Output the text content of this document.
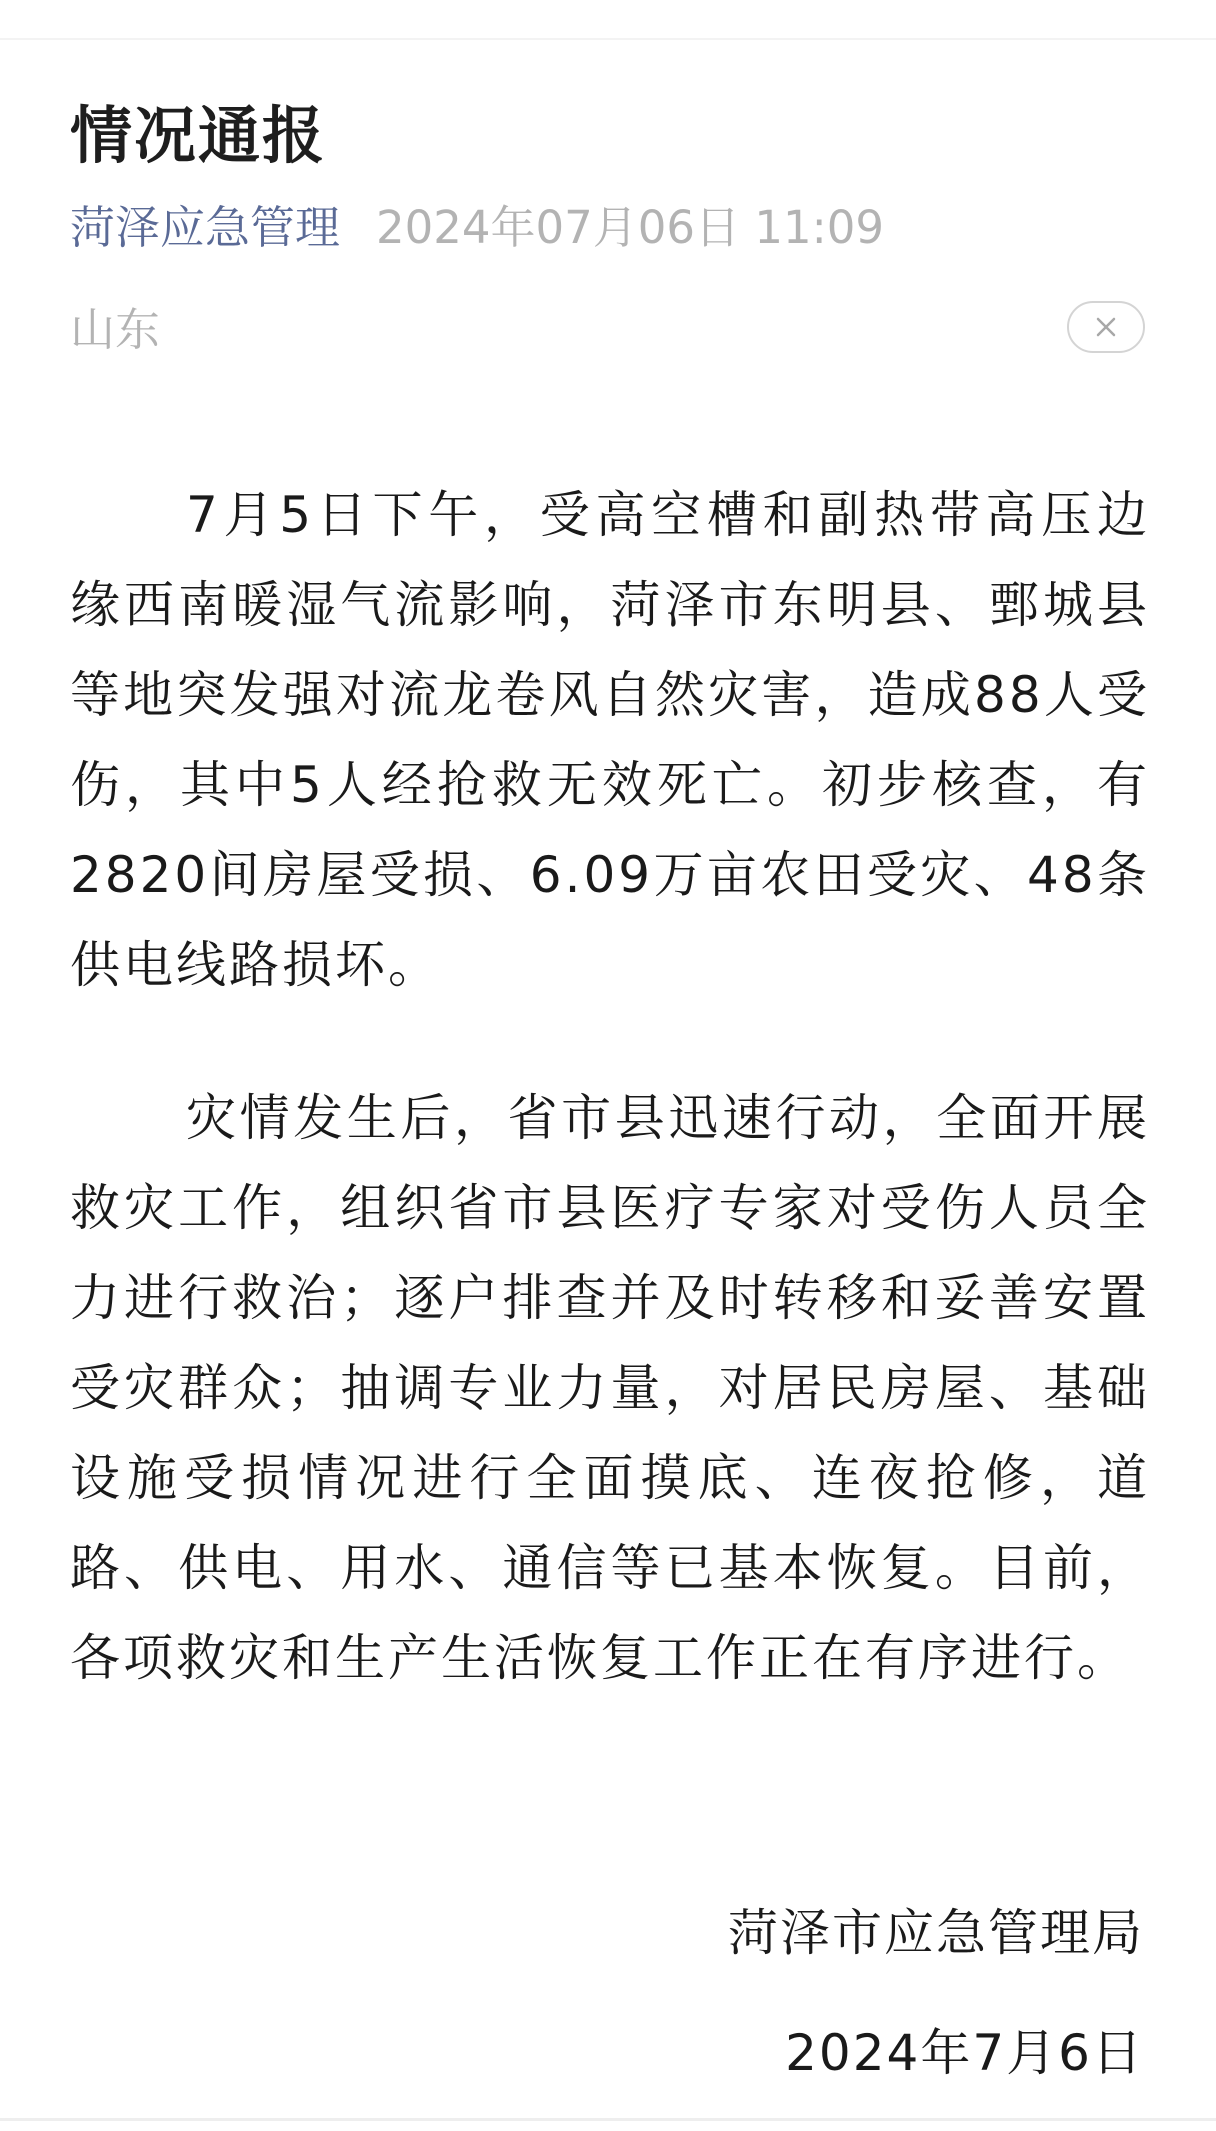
情况通报
菏泽应急管理 2024年07月06日 11:09
山东

7月5日下午，受高空槽和副热带高压边缘西南暖湿气流影响，菏泽市东明县、鄄城县等地突发强对流龙卷风自然灾害，造成88人受伤，其中5人经抢救无效死亡。初步核查，有2820间房屋受损、6.09万亩农田受灾、48条供电线路损坏。

灾情发生后，省市县迅速行动，全面开展救灾工作，组织省市县医疗专家对受伤人员全力进行救治；逐户排查并及时转移和妥善安置受灾群众；抽调专业力量，对居民房屋、基础设施受损情况进行全面摸底、连夜抢修，道路、供电、用水、通信等已基本恢复。目前，各项救灾和生产生活恢复工作正在有序进行。

菏泽市应急管理局
2024年7月6日
